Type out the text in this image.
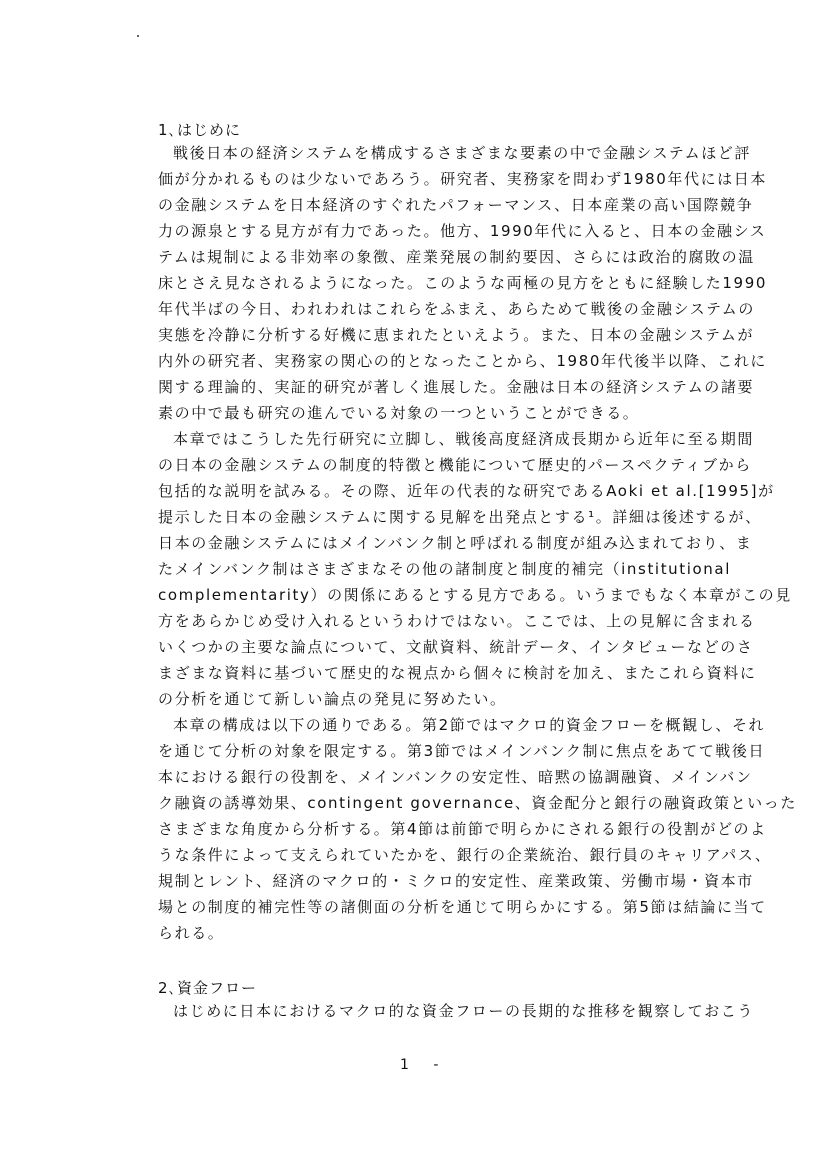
1､はじめに
戦後日本の経済システムを構成するさまざまな要素の中で金融システムほど評
価が分かれるものは少ないであろう。研究者、実務家を問わず1980年代には日本
の金融システムを日本経済のすぐれたパフォーマンス、日本産業の高い国際競争
力の源泉とする見方が有力であった。他方、1990年代に入ると、日本の金融シス
テムは規制による非効率の象徴、産業発展の制約要因、さらには政治的腐敗の温
床とさえ見なされるようになった。このような両極の見方をともに経験した1990
年代半ばの今日、われわれはこれらをふまえ、あらためて戦後の金融システムの
実態を冷静に分析する好機に恵まれたといえよう。また、日本の金融システムが
内外の研究者、実務家の関心の的となったことから、1980年代後半以降、これに
関する理論的、実証的研究が著しく進展した。金融は日本の経済システムの諸要
素の中で最も研究の進んでいる対象の一つということができる。
本章ではこうした先行研究に立脚し、戦後高度経済成長期から近年に至る期間
の日本の金融システムの制度的特徴と機能について歴史的パースペクティブから
包括的な説明を試みる。その際、近年の代表的な研究であるAoki et al.[1995]が
提示した日本の金融システムに関する見解を出発点とする¹。詳細は後述するが、
日本の金融システムにはメインバンク制と呼ばれる制度が組み込まれており、ま
たメインバンク制はさまざまなその他の諸制度と制度的補完（institutional
complementarity）の関係にあるとする見方である。いうまでもなく本章がこの見
方をあらかじめ受け入れるというわけではない。ここでは、上の見解に含まれる
いくつかの主要な論点について、文献資料、統計データ、インタビューなどのさ
まざまな資料に基づいて歴史的な視点から個々に検討を加え、またこれら資料に
の分析を通じて新しい論点の発見に努めたい。
本章の構成は以下の通りである。第2節ではマクロ的資金フローを概観し、それ
を通じて分析の対象を限定する。第3節ではメインバンク制に焦点をあてて戦後日
本における銀行の役割を、メインバンクの安定性、暗黙の協調融資、メインバン
ク融資の誘導効果、contingent governance、資金配分と銀行の融資政策といった
さまざまな角度から分析する。第4節は前節で明らかにされる銀行の役割がどのよ
うな条件によって支えられていたかを、銀行の企業統治、銀行員のキャリアパス、
規制とレント、経済のマクロ的・ミクロ的安定性、産業政策、労働市場・資本市
場との制度的補完性等の諸側面の分析を通じて明らかにする。第5節は結論に当て
られる。
2､資金フロー
はじめに日本におけるマクロ的な資金フローの長期的な推移を観察しておこう
1 -
